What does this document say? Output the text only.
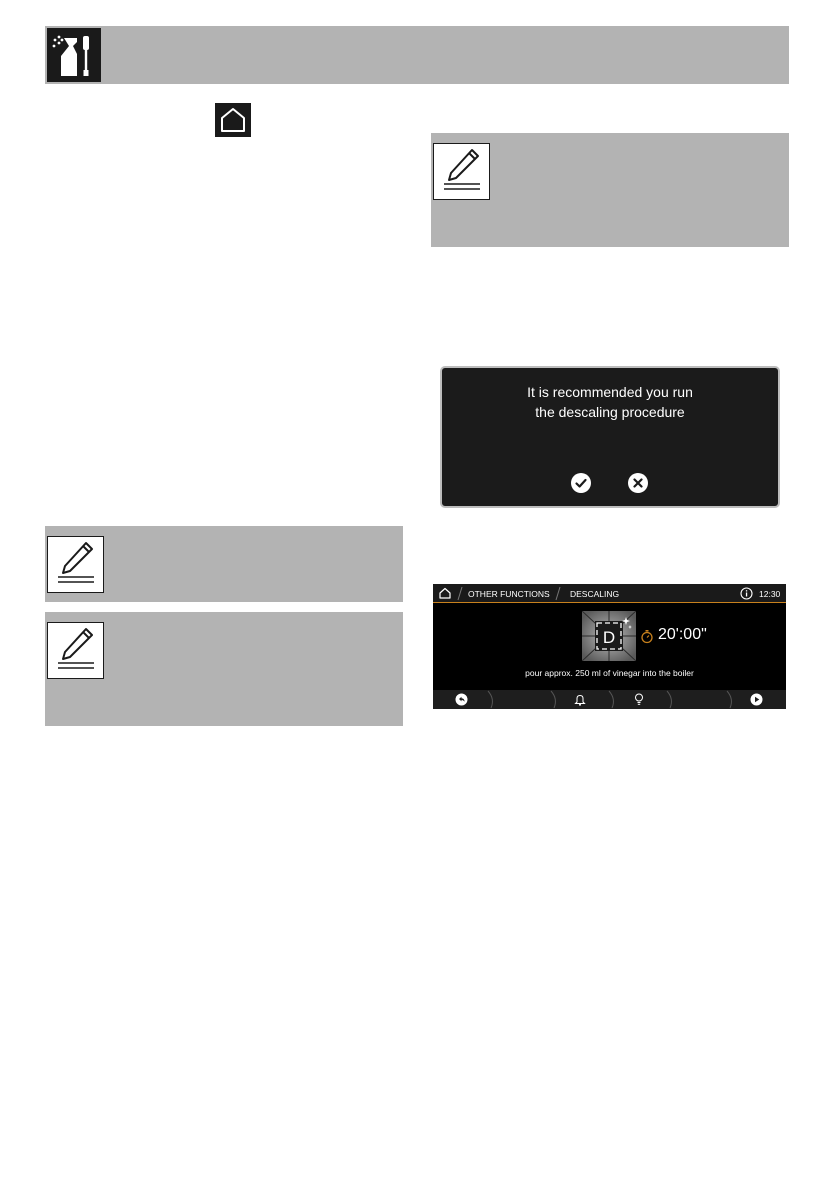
It is recommended you run
the descaling procedure
OTHER FUNCTIONS DESCALING	12:30
D	20':00"
pour approx. 250 ml of vinegar into the boiler
